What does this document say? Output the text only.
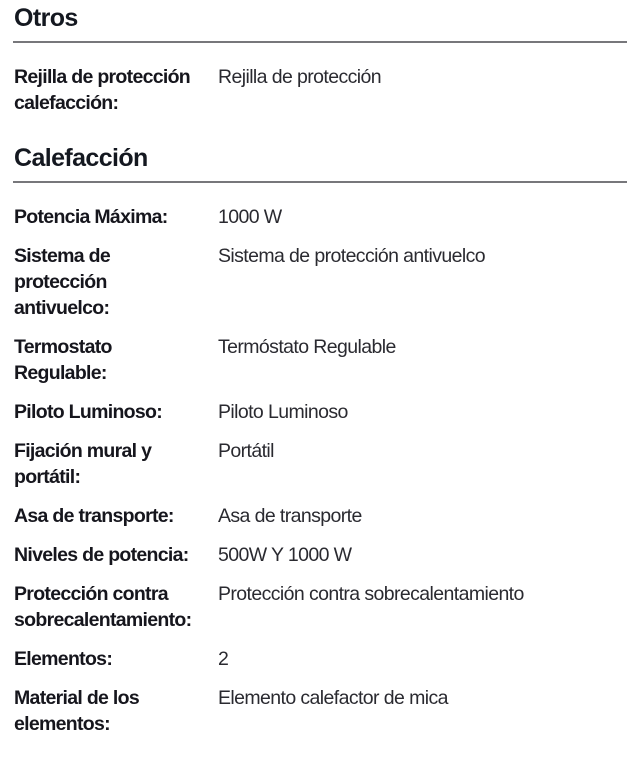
Otros
Rejilla de protección calefacción:
Rejilla de protección
Calefacción
Potencia Máxima:	1000 W
Sistema de protección antivuelco:
Sistema de protección antivuelco
Termostato Regulable:
Termóstato Regulable
Piloto Luminoso:	Piloto Luminoso
Fijación mural y portátil:
Portátil
Asa de transporte:	Asa de transporte
Niveles de potencia:	500W Y 1000 W
Protección contra sobrecalentamiento:
Protección contra sobrecalentamiento
Elementos:	2
Material de los elementos:
Elemento calefactor de mica
